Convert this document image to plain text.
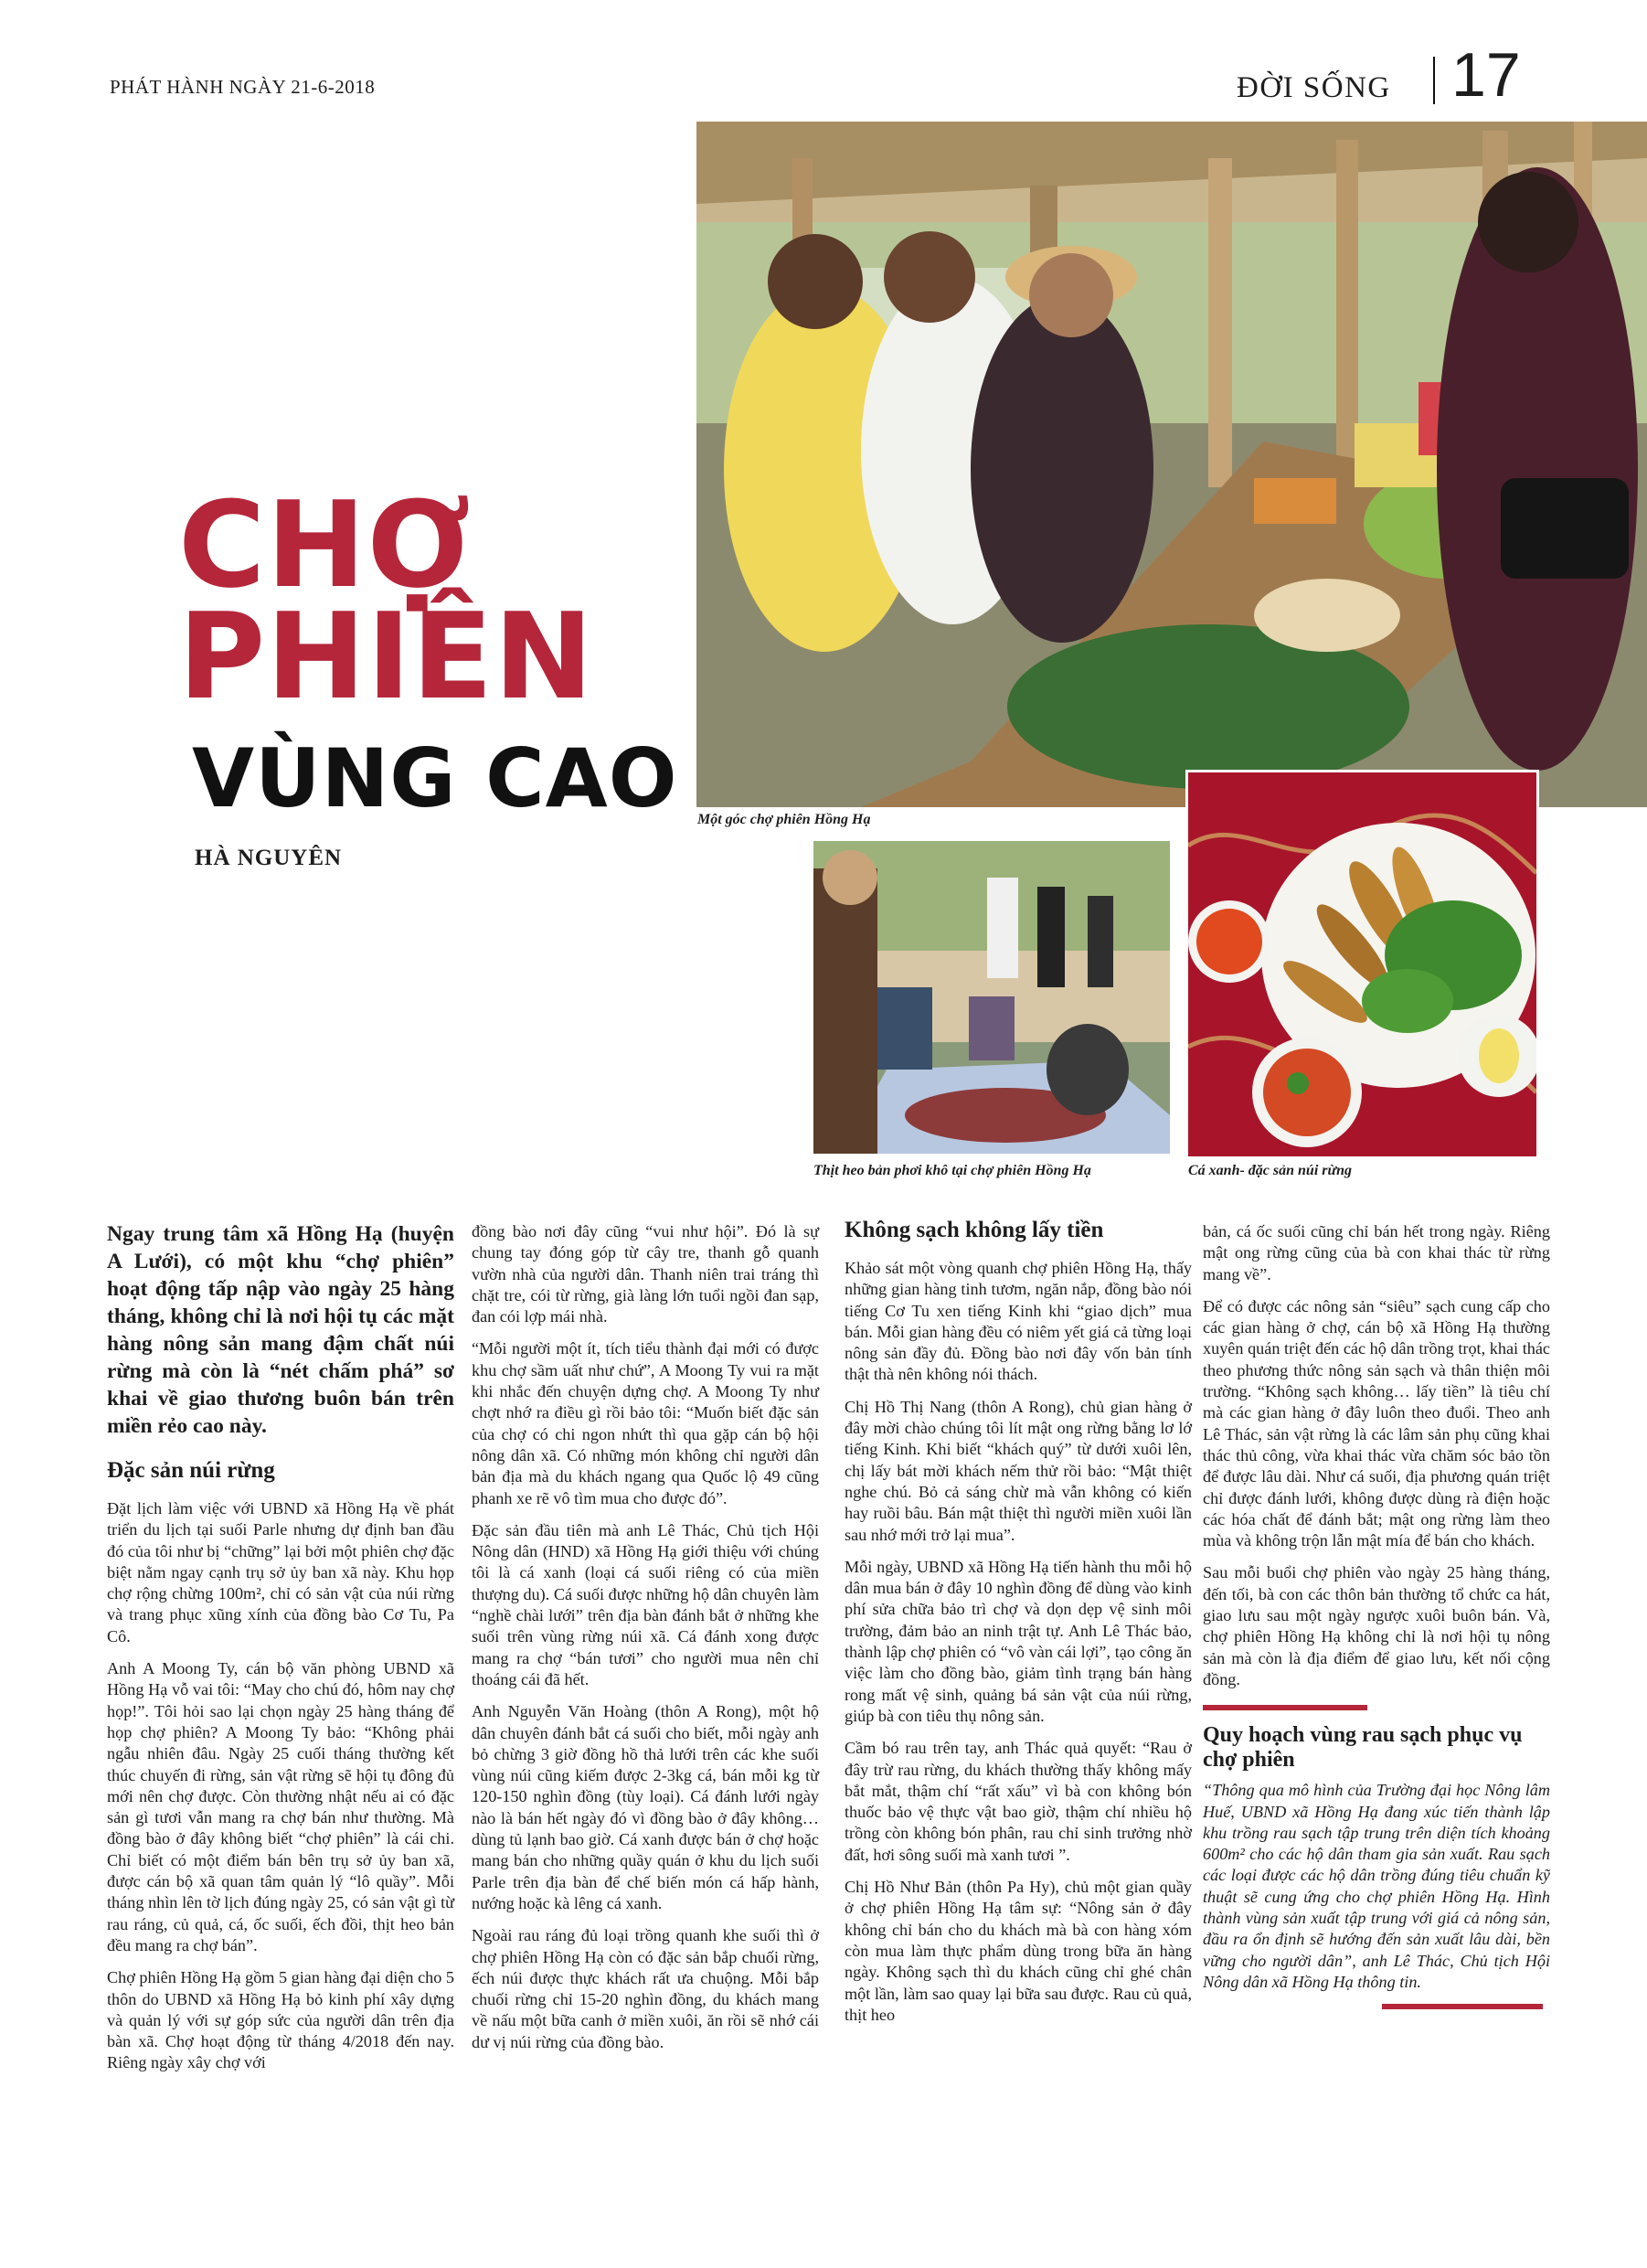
PHÁT HÀNH NGÀY 21-6-2018	ĐỜI SỐNG 17
CHỢ
PHIÊN
VÙNG CAO
HÀ NGUYÊN
Một góc chợ phiên Hồng Hạ
Thịt heo bản phơi khô tại chợ phiên Hồng Hạ	Cá xanh- đặc sản núi rừng

Ngay trung tâm xã Hồng Hạ (huyện A Lưới), có một khu “chợ phiên” hoạt động tấp nập vào ngày 25 hàng tháng, không chỉ là nơi hội tụ các mặt hàng nông sản mang đậm chất núi rừng mà còn là “nét chấm phá” sơ khai về giao thương buôn bán trên miền rẻo cao này.

Đặc sản núi rừng

Đặt lịch làm việc với UBND xã Hồng Hạ về phát triển du lịch tại suối Parle nhưng dự định ban đầu đó của tôi như bị “chững” lại bởi một phiên chợ đặc biệt nằm ngay cạnh trụ sở ủy ban xã này. Khu họp chợ rộng chừng 100m², chỉ có sản vật của núi rừng và trang phục xũng xính của đồng bào Cơ Tu, Pa Cô.

Anh A Moong Ty, cán bộ văn phòng UBND xã Hồng Hạ vỗ vai tôi: “May cho chú đó, hôm nay chợ họp!”. Tôi hỏi sao lại chọn ngày 25 hàng tháng để họp chợ phiên? A Moong Ty bảo: “Không phải ngẫu nhiên đâu. Ngày 25 cuối tháng thường kết thúc chuyến đi rừng, sản vật rừng sẽ hội tụ đông đủ mới nên chợ được. Còn thường nhật nếu ai có đặc sản gì tươi vẫn mang ra chợ bán như thường. Mà đồng bào ở đây không biết “chợ phiên” là cái chi. Chỉ biết có một điểm bán bên trụ sở ủy ban xã, được cán bộ xã quan tâm quản lý “lô quầy”. Mỗi tháng nhìn lên tờ lịch đúng ngày 25, có sản vật gì từ rau ráng, củ quả, cá, ốc suối, ếch đồi, thịt heo bản đều mang ra chợ bán”.

Chợ phiên Hồng Hạ gồm 5 gian hàng đại diện cho 5 thôn do UBND xã Hồng Hạ bỏ kinh phí xây dựng và quản lý với sự góp sức của người dân trên địa bàn xã. Chợ hoạt động từ tháng 4/2018 đến nay. Riêng ngày xây chợ với

đồng bào nơi đây cũng “vui như hội”. Đó là sự chung tay đóng góp từ cây tre, thanh gỗ quanh vườn nhà của người dân. Thanh niên trai tráng thì chặt tre, cói từ rừng, già làng lớn tuổi ngồi đan sạp, đan cói lợp mái nhà.

“Mỗi người một ít, tích tiểu thành đại mới có được khu chợ sầm uất như chứ”, A Moong Ty vui ra mặt khi nhắc đến chuyện dựng chợ. A Moong Ty như chợt nhớ ra điều gì rồi bảo tôi: “Muốn biết đặc sản của chợ có chi ngon nhứt thì qua gặp cán bộ hội nông dân xã. Có những món không chỉ người dân bản địa mà du khách ngang qua Quốc lộ 49 cũng phanh xe rẽ vô tìm mua cho được đó”.

Đặc sản đầu tiên mà anh Lê Thác, Chủ tịch Hội Nông dân (HND) xã Hồng Hạ giới thiệu với chúng tôi là cá xanh (loại cá suối riêng có của miền thượng du). Cá suối được những hộ dân chuyên làm “nghề chài lưới” trên địa bàn đánh bắt ở những khe suối trên vùng rừng núi xã. Cá đánh xong được mang ra chợ “bán tươi” cho người mua nên chỉ thoáng cái đã hết.

Anh Nguyễn Văn Hoàng (thôn A Rong), một hộ dân chuyên đánh bắt cá suối cho biết, mỗi ngày anh bỏ chừng 3 giờ đồng hồ thả lưới trên các khe suối vùng núi cũng kiếm được 2-3kg cá, bán mỗi kg từ 120-150 nghìn đồng (tùy loại). Cá đánh lưới ngày nào là bán hết ngày đó vì đồng bào ở đây không… dùng tủ lạnh bao giờ. Cá xanh được bán ở chợ hoặc mang bán cho những quầy quán ở khu du lịch suối Parle trên địa bàn để chế biến món cá hấp hành, nướng hoặc kà lêng cá xanh.

Ngoài rau ráng đủ loại trồng quanh khe suối thì ở chợ phiên Hồng Hạ còn có đặc sản bắp chuối rừng, ếch núi được thực khách rất ưa chuộng. Mỗi bắp chuối rừng chỉ 15-20 nghìn đồng, du khách mang về nấu một bữa canh ở miền xuôi, ăn rồi sẽ nhớ cái dư vị núi rừng của đồng bào.

Không sạch không lấy tiền

Khảo sát một vòng quanh chợ phiên Hồng Hạ, thấy những gian hàng tinh tươm, ngăn nắp, đồng bào nói tiếng Cơ Tu xen tiếng Kinh khi “giao dịch” mua bán. Mỗi gian hàng đều có niêm yết giá cả từng loại nông sản đầy đủ. Đồng bào nơi đây vốn bản tính thật thà nên không nói thách.

Chị Hồ Thị Nang (thôn A Rong), chủ gian hàng ở đây mời chào chúng tôi lít mật ong rừng bằng lơ lớ tiếng Kinh. Khi biết “khách quý” từ dưới xuôi lên, chị lấy bát mời khách nếm thử rồi bảo: “Mật thiệt nghe chú. Bỏ cả sáng chừ mà vẫn không có kiến hay ruồi bâu. Bán mật thiệt thì người miền xuôi lần sau nhớ mới trở lại mua”.

Mỗi ngày, UBND xã Hồng Hạ tiến hành thu mỗi hộ dân mua bán ở đây 10 nghìn đồng để dùng vào kinh phí sửa chữa bảo trì chợ và dọn dẹp vệ sinh môi trường, đảm bảo an ninh trật tự. Anh Lê Thác bảo, thành lập chợ phiên có “vô vàn cái lợi”, tạo công ăn việc làm cho đồng bào, giảm tình trạng bán hàng rong mất vệ sinh, quảng bá sản vật của núi rừng, giúp bà con tiêu thụ nông sản.

Cầm bó rau trên tay, anh Thác quả quyết: “Rau ở đây trừ rau rừng, du khách thường thấy không mấy bắt mắt, thậm chí “rất xấu” vì bà con không bón thuốc bảo vệ thực vật bao giờ, thậm chí nhiều hộ trồng còn không bón phân, rau chỉ sinh trưởng nhờ đất, hơi sông suối mà xanh tươi ”.

Chị Hồ Như Bản (thôn Pa Hy), chủ một gian quầy ở chợ phiên Hồng Hạ tâm sự: “Nông sản ở đây không chỉ bán cho du khách mà bà con hàng xóm còn mua làm thực phẩm dùng trong bữa ăn hàng ngày. Không sạch thì du khách cũng chỉ ghé chân một lần, làm sao quay lại bữa sau được. Rau củ quả, thịt heo

bản, cá ốc suối cũng chỉ bán hết trong ngày. Riêng mật ong rừng cũng của bà con khai thác từ rừng mang về”.

Để có được các nông sản “siêu” sạch cung cấp cho các gian hàng ở chợ, cán bộ xã Hồng Hạ thường xuyên quán triệt đến các hộ dân trồng trọt, khai thác theo phương thức nông sản sạch và thân thiện môi trường. “Không sạch không… lấy tiền” là tiêu chí mà các gian hàng ở đây luôn theo đuổi. Theo anh Lê Thác, sản vật rừng là các lâm sản phụ cũng khai thác thủ công, vừa khai thác vừa chăm sóc bảo tồn để được lâu dài. Như cá suối, địa phương quán triệt chỉ được đánh lưới, không được dùng rà điện hoặc các hóa chất để đánh bắt; mật ong rừng làm theo mùa và không trộn lẫn mật mía để bán cho khách.

Sau mỗi buổi chợ phiên vào ngày 25 hàng tháng, đến tối, bà con các thôn bản thường tổ chức ca hát, giao lưu sau một ngày ngược xuôi buôn bán. Và, chợ phiên Hồng Hạ không chỉ là nơi hội tụ nông sản mà còn là địa điểm để giao lưu, kết nối cộng đồng.

Quy hoạch vùng rau sạch phục vụ chợ phiên

“Thông qua mô hình của Trường đại học Nông lâm Huế, UBND xã Hồng Hạ đang xúc tiến thành lập khu trồng rau sạch tập trung trên diện tích khoảng 600m² cho các hộ dân tham gia sản xuất. Rau sạch các loại được các hộ dân trồng đúng tiêu chuẩn kỹ thuật sẽ cung ứng cho chợ phiên Hồng Hạ. Hình thành vùng sản xuất tập trung với giá cả nông sản, đầu ra ổn định sẽ hướng đến sản xuất lâu dài, bền vững cho người dân”, anh Lê Thác, Chủ tịch Hội Nông dân xã Hồng Hạ thông tin.
